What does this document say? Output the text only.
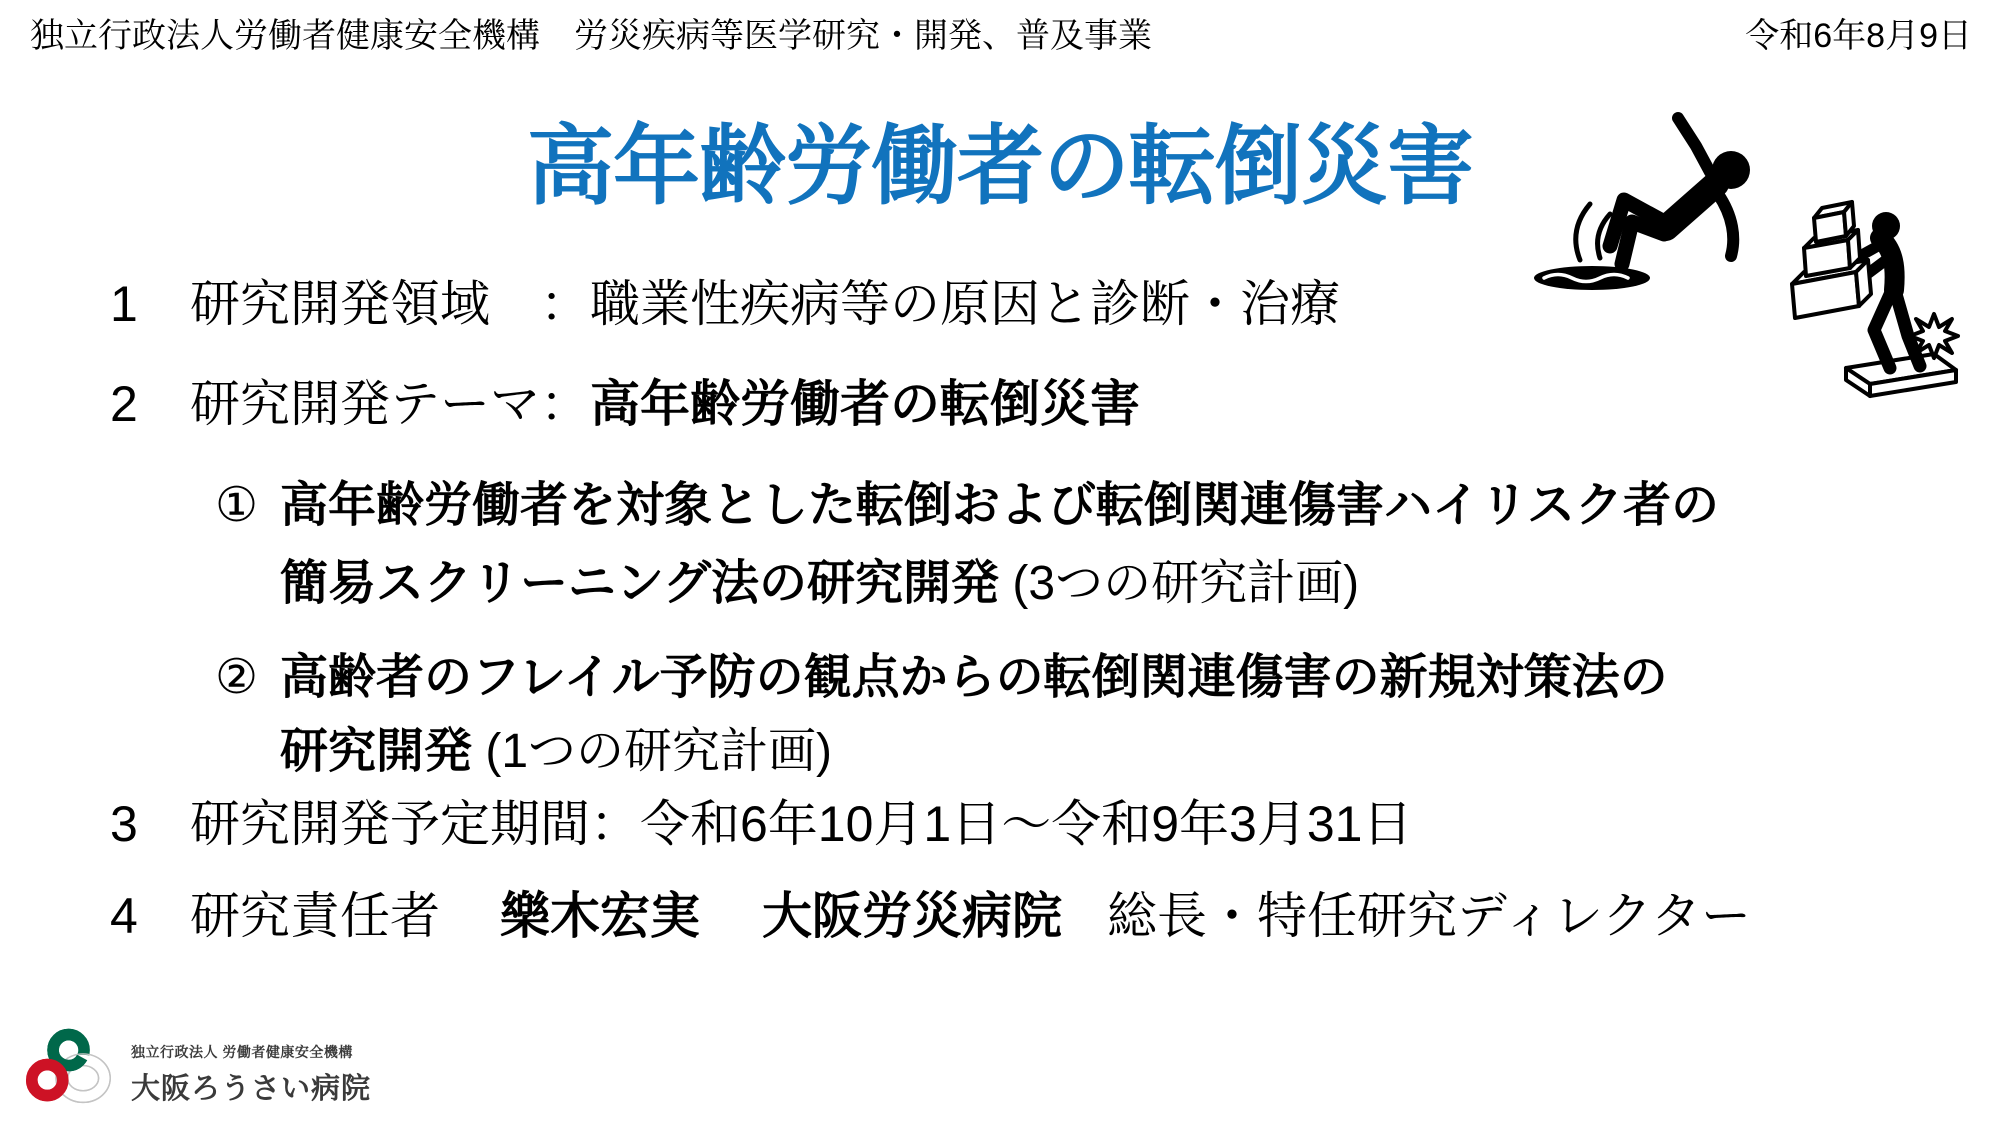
独立行政法人労働者健康安全機構　労災疾病等医学研究・開発、普及事業	令和6年8月9日
高年齢労働者の転倒災害
1 研究開発領域　：職業性疾病等の原因と診断・治療
2 研究開発テーマ：高年齢労働者の転倒災害
① 高年齢労働者を対象とした転倒および転倒関連傷害ハイリスク者の
簡易スクリーニング法の研究開発 (3つの研究計画)
② 高齢者のフレイル予防の観点からの転倒関連傷害の新規対策法の
研究開発 (1つの研究計画)
3 研究開発予定期間：令和6年10月1日～令和9年3月31日
4 研究責任者 樂木宏実 大阪労災病院 総長・特任研究ディレクター
独立行政法人 労働者健康安全機構
大阪ろうさい病院
